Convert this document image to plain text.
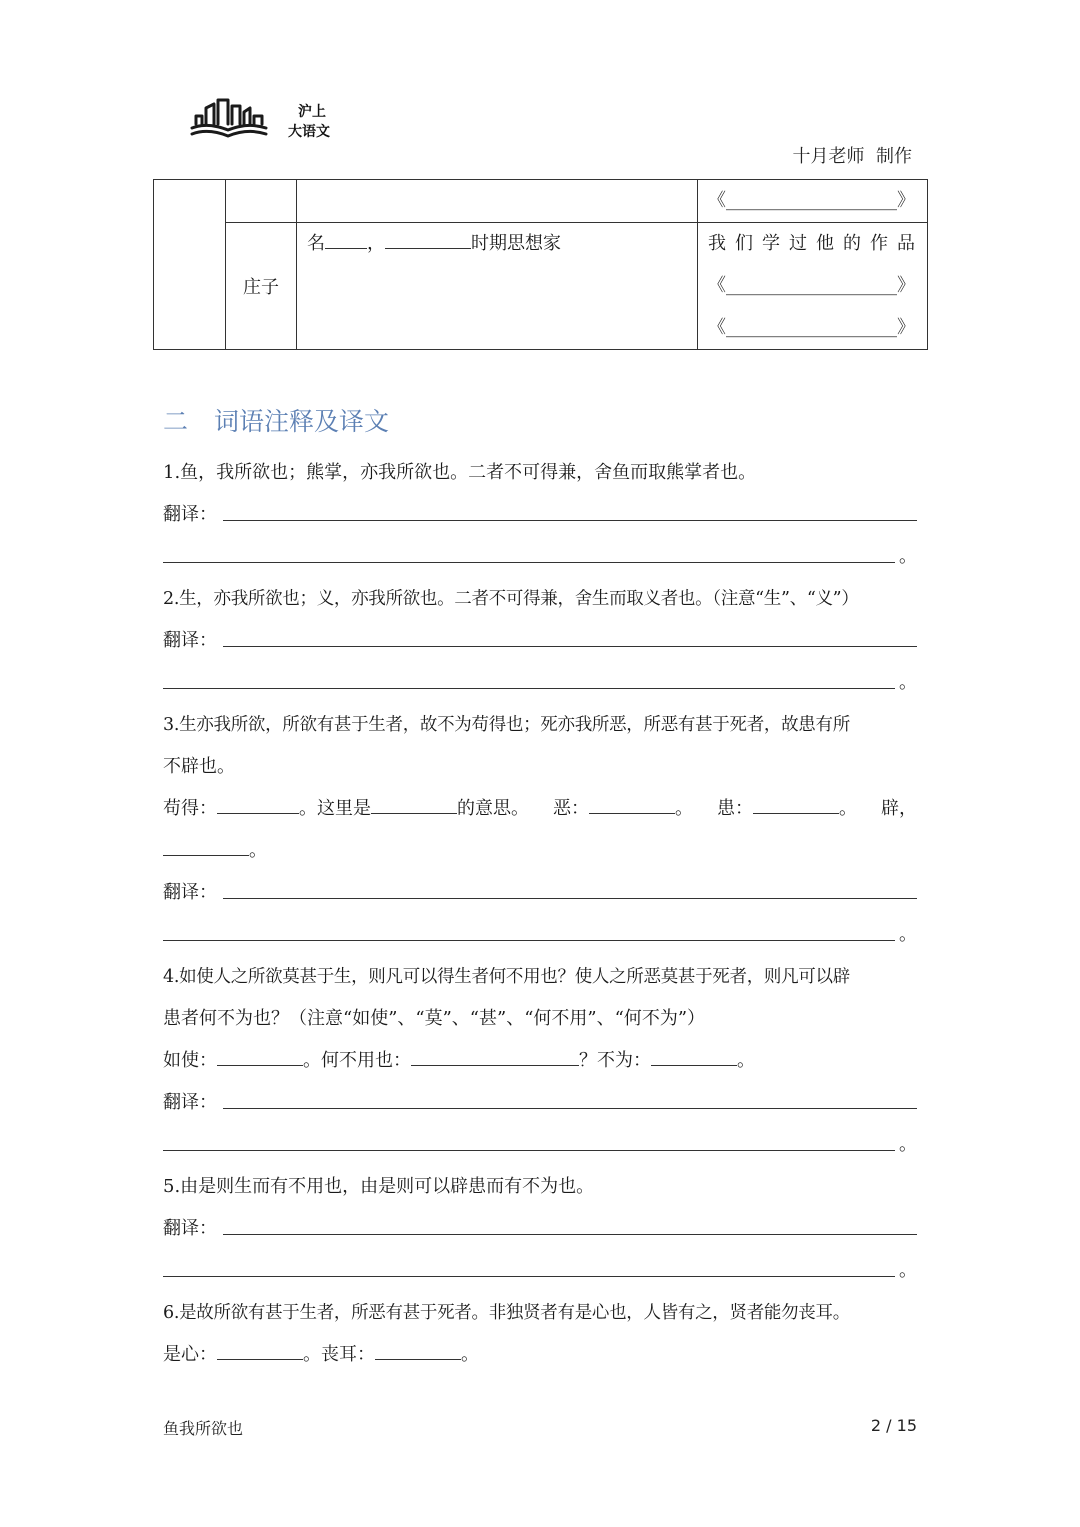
沪上
大语文
十月老师  制作

			《___________________》

	庄子	名 ， 时期思想家	我们学过他的作品
《___________________》
《___________________》
二 词语注释及译文
1.鱼，我所欲也；熊掌，亦我所欲也。二者不可得兼，舍鱼而取熊掌者也。
翻译：
。
2.生，亦我所欲也；义，亦我所欲也。二者不可得兼，舍生而取义者也。（注意“生”、“义”）
翻译：
。
3.生亦我所欲，所欲有甚于生者，故不为苟得也；死亦我所恶，所恶有甚于死者，故患有所
不辟也。
苟得：	。这里是	的意思。 恶：	。 患：	。 辟，
。
翻译：
。
4.如使人之所欲莫甚于生，则凡可以得生者何不用也？使人之所恶莫甚于死者，则凡可以辟
患者何不为也？（注意“如使”、“莫”、“甚”、“何不用”、“何不为”）
如使：	。何不用也：	？不为：	。
翻译：
。
5.由是则生而有不用也，由是则可以辟患而有不为也。
翻译：
。
6.是故所欲有甚于生者，所恶有甚于死者。非独贤者有是心也，人皆有之，贤者能勿丧耳。
是心：	。丧耳：	。
鱼我所欲也	2 / 15
